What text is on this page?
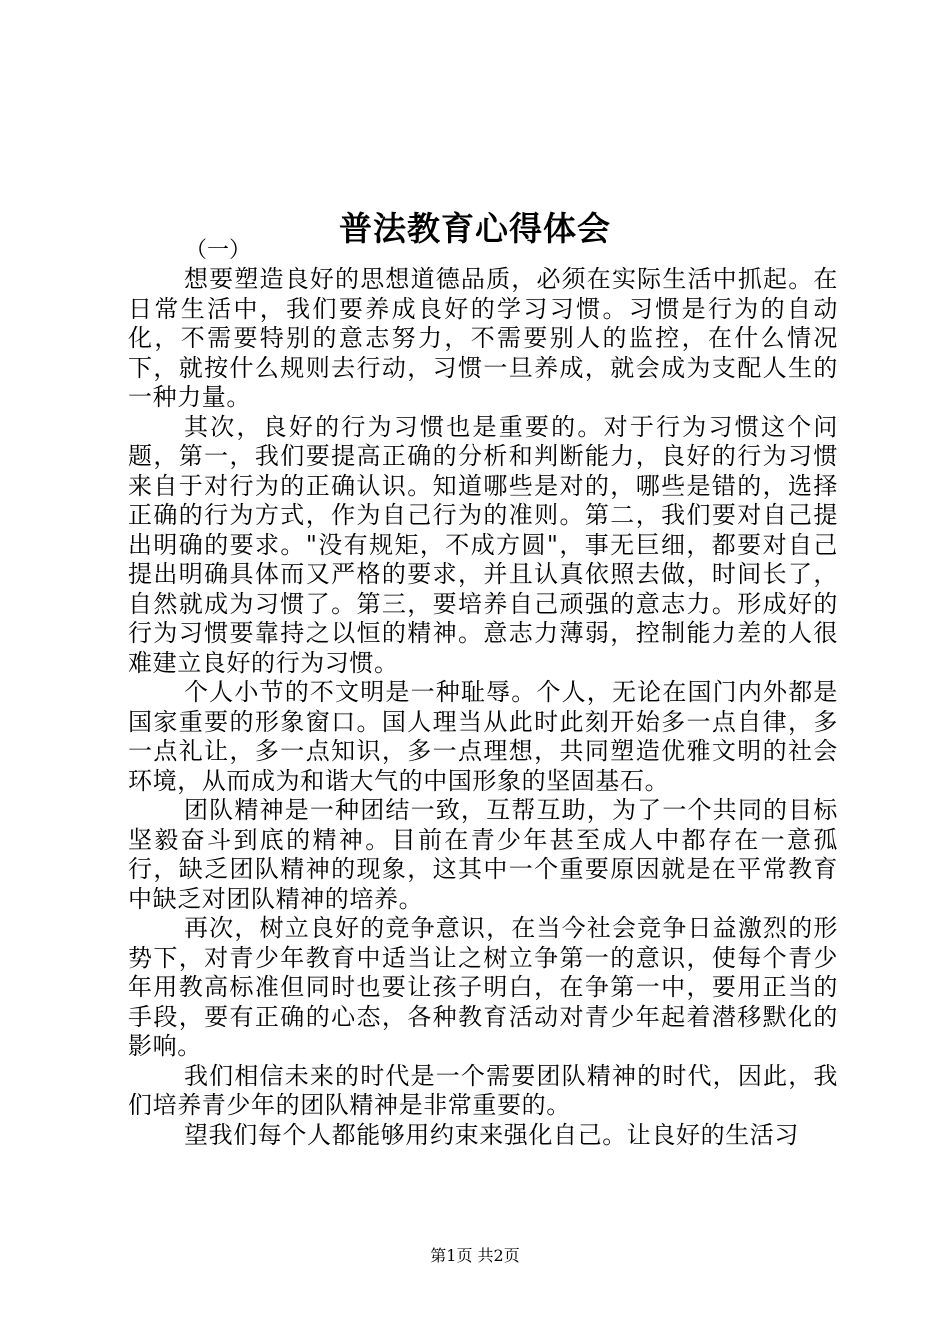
普法教育心得体会
（一）

想要塑造良好的思想道德品质，必须在实际生活中抓起。在日常生活中，我们要养成良好的学习习惯。习惯是行为的自动化，不需要特别的意志努力，不需要别人的监控，在什么情况下，就按什么规则去行动，习惯一旦养成，就会成为支配人生的一种力量。

其次，良好的行为习惯也是重要的。对于行为习惯这个问题，第一，我们要提高正确的分析和判断能力，良好的行为习惯来自于对行为的正确认识。知道哪些是对的，哪些是错的，选择正确的行为方式，作为自己行为的准则。第二，我们要对自己提出明确的要求。"没有规矩，不成方圆"，事无巨细，都要对自己提出明确具体而又严格的要求，并且认真依照去做，时间长了，自然就成为习惯了。第三，要培养自己顽强的意志力。形成好的行为习惯要靠持之以恒的精神。意志力薄弱，控制能力差的人很难建立良好的行为习惯。

个人小节的不文明是一种耻辱。个人，无论在国门内外都是国家重要的形象窗口。国人理当从此时此刻开始多一点自律，多一点礼让，多一点知识，多一点理想，共同塑造优雅文明的社会环境，从而成为和谐大气的中国形象的坚固基石。

团队精神是一种团结一致，互帮互助，为了一个共同的目标坚毅奋斗到底的精神。目前在青少年甚至成人中都存在一意孤行，缺乏团队精神的现象，这其中一个重要原因就是在平常教育中缺乏对团队精神的培养。

再次，树立良好的竞争意识，在当今社会竞争日益激烈的形势下，对青少年教育中适当让之树立争第一的意识，使每个青少年用教高标准但同时也要让孩子明白，在争第一中，要用正当的手段，要有正确的心态，各种教育活动对青少年起着潜移默化的影响。

我们相信未来的时代是一个需要团队精神的时代，因此，我们培养青少年的团队精神是非常重要的。

望我们每个人都能够用约束来强化自己。让良好的生活习

第1页 共2页
